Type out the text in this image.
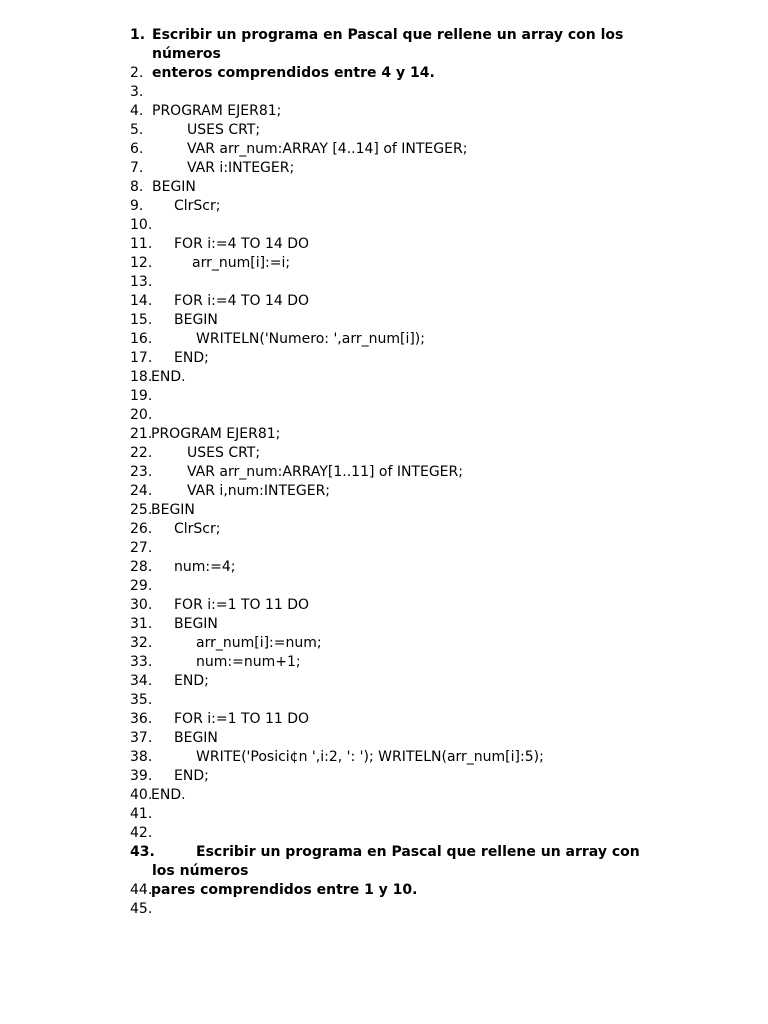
1. Escribir un programa en Pascal que rellene un array con los números
2. enteros comprendidos entre 4 y 14.
3.
4. PROGRAM EJER81;
5.	USES CRT;
6.	VAR arr_num:ARRAY [4..14] of INTEGER;
7.	VAR i:INTEGER;
8. BEGIN
9. ClrScr;
10.
11. FOR i:=4 TO 14 DO
12.	arr_num[i]:=i;
13.
14. FOR i:=4 TO 14 DO
15. BEGIN
16.	WRITELN('Numero: ',arr_num[i]);
17. END;
18.
END.
19.
20.
21.
PROGRAM EJER81;
22. USES CRT;
23. VAR arr_num:ARRAY[1..11] of INTEGER;
24. VAR i,num:INTEGER;
25.
BEGIN
26. ClrScr;
27.
28. num:=4;
29.
30. FOR i:=1 TO 11 DO
31. BEGIN
32.	arr_num[i]:=num;
33.	num:=num+1;
34. END;
35.
36. FOR i:=1 TO 11 DO
37. BEGIN
38.	WRITE('Posici¢n ',i:2, ': '); WRITELN(arr_num[i]:5);
39. END;
40.
END.
41.
42.
43.	Escribir un programa en Pascal que rellene un array con los números
44.
pares comprendidos entre 1 y 10.
45.
